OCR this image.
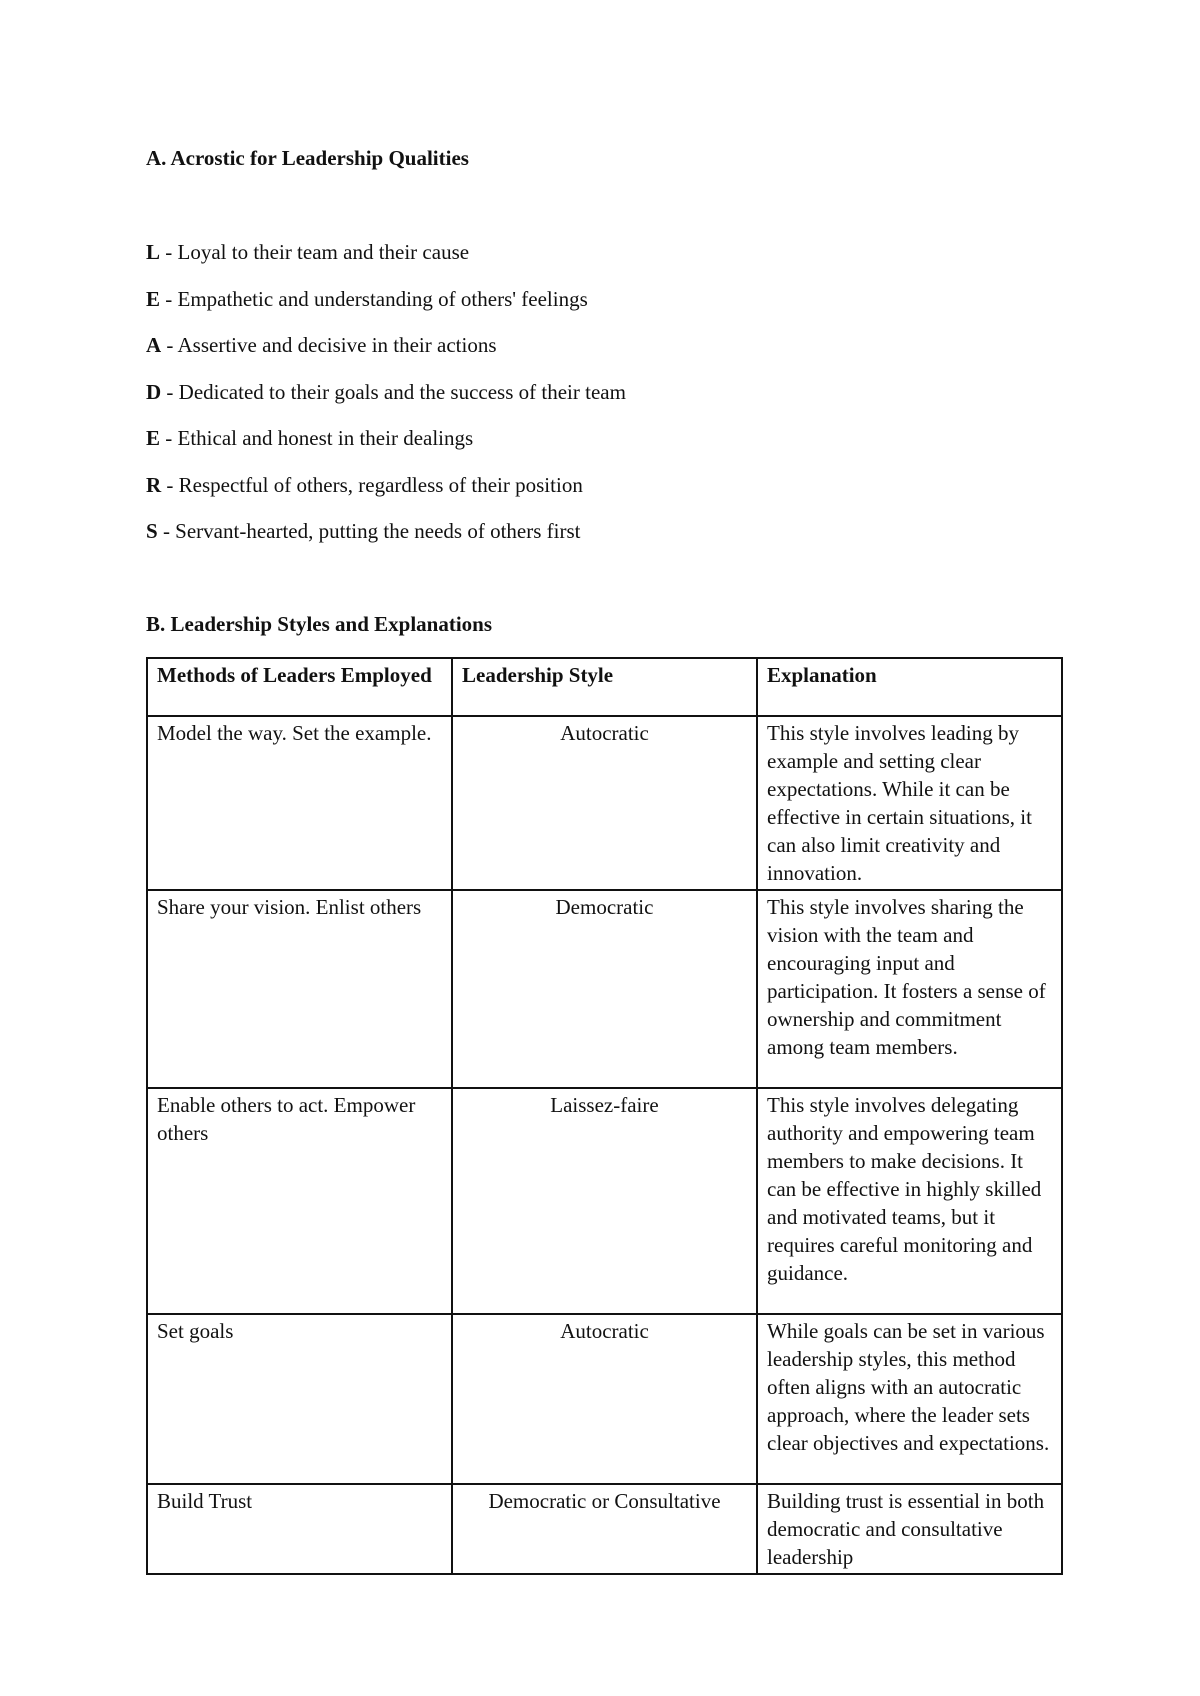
A. Acrostic for Leadership Qualities

L - Loyal to their team and their cause
E - Empathetic and understanding of others' feelings
A - Assertive and decisive in their actions
D - Dedicated to their goals and the success of their team
E - Ethical and honest in their dealings
R - Respectful of others, regardless of their position
S - Servant-hearted, putting the needs of others first

B. Leadership Styles and Explanations

Methods of Leaders Employed	Leadership Style	Explanation
Model the way. Set the example.	Autocratic	This style involves leading by example and setting clear expectations. While it can be effective in certain situations, it can also limit creativity and innovation.
Share your vision. Enlist others	Democratic	This style involves sharing the vision with the team and encouraging input and participation. It fosters a sense of ownership and commitment among team members.
Enable others to act. Empower others	Laissez-faire	This style involves delegating authority and empowering team members to make decisions. It can be effective in highly skilled and motivated teams, but it requires careful monitoring and guidance.
Set goals	Autocratic	While goals can be set in various leadership styles, this method often aligns with an autocratic approach, where the leader sets clear objectives and expectations.
Build Trust	Democratic or Consultative	Building trust is essential in both democratic and consultative leadership
